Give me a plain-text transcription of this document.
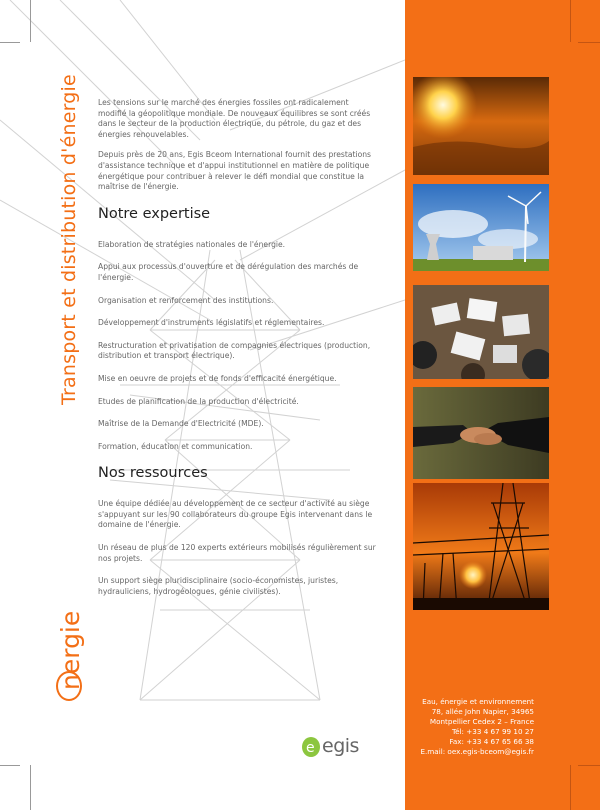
Transport et distribution d'énergie
nergie

Les tensions sur le marché des énergies fossiles ont radicalement modifié la géopolitique mondiale. De nouveaux équilibres se sont créés dans le secteur de la production électrique, du pétrole, du gaz et des énergies renouvelables.

Depuis près de 20 ans, Egis Bceom International fournit des prestations d'assistance technique et d'appui institutionnel en matière de politique énergétique pour contribuer à relever le défi mondial que constitue la maîtrise de l'énergie.

Notre expertise

Elaboration de stratégies nationales de l'énergie.

Appui aux processus d'ouverture et de dérégulation des marchés de l'énergie.

Organisation et renforcement des institutions.

Développement d'instruments législatifs et réglementaires.

Restructuration et privatisation de compagnies électriques (production, distribution et transport électrique).

Mise en oeuvre de projets et de fonds d'efficacité énergétique.

Etudes de planification de la production d'électricité.

Maîtrise de la Demande d'Electricité (MDE).

Formation, éducation et communication.

Nos ressources

Une équipe dédiée au développement de ce secteur d'activité au siège s'appuyant sur les 90 collaborateurs du groupe Egis intervenant dans le domaine de l'énergie.

Un réseau de plus de 120 experts extérieurs mobilisés régulièrement sur nos projets.

Un support siège pluridisciplinaire (socio-économistes, juristes, hydrauliciens, hydrogéologues, génie civilistes).

e egis
Eau, énergie et environnement
78, allée John Napier, 34965
Montpellier Cedex 2 – France
Tél: +33 4 67 99 10 27
Fax: +33 4 67 65 66 38
E.mail: oex.egis-bceom@egis.fr
